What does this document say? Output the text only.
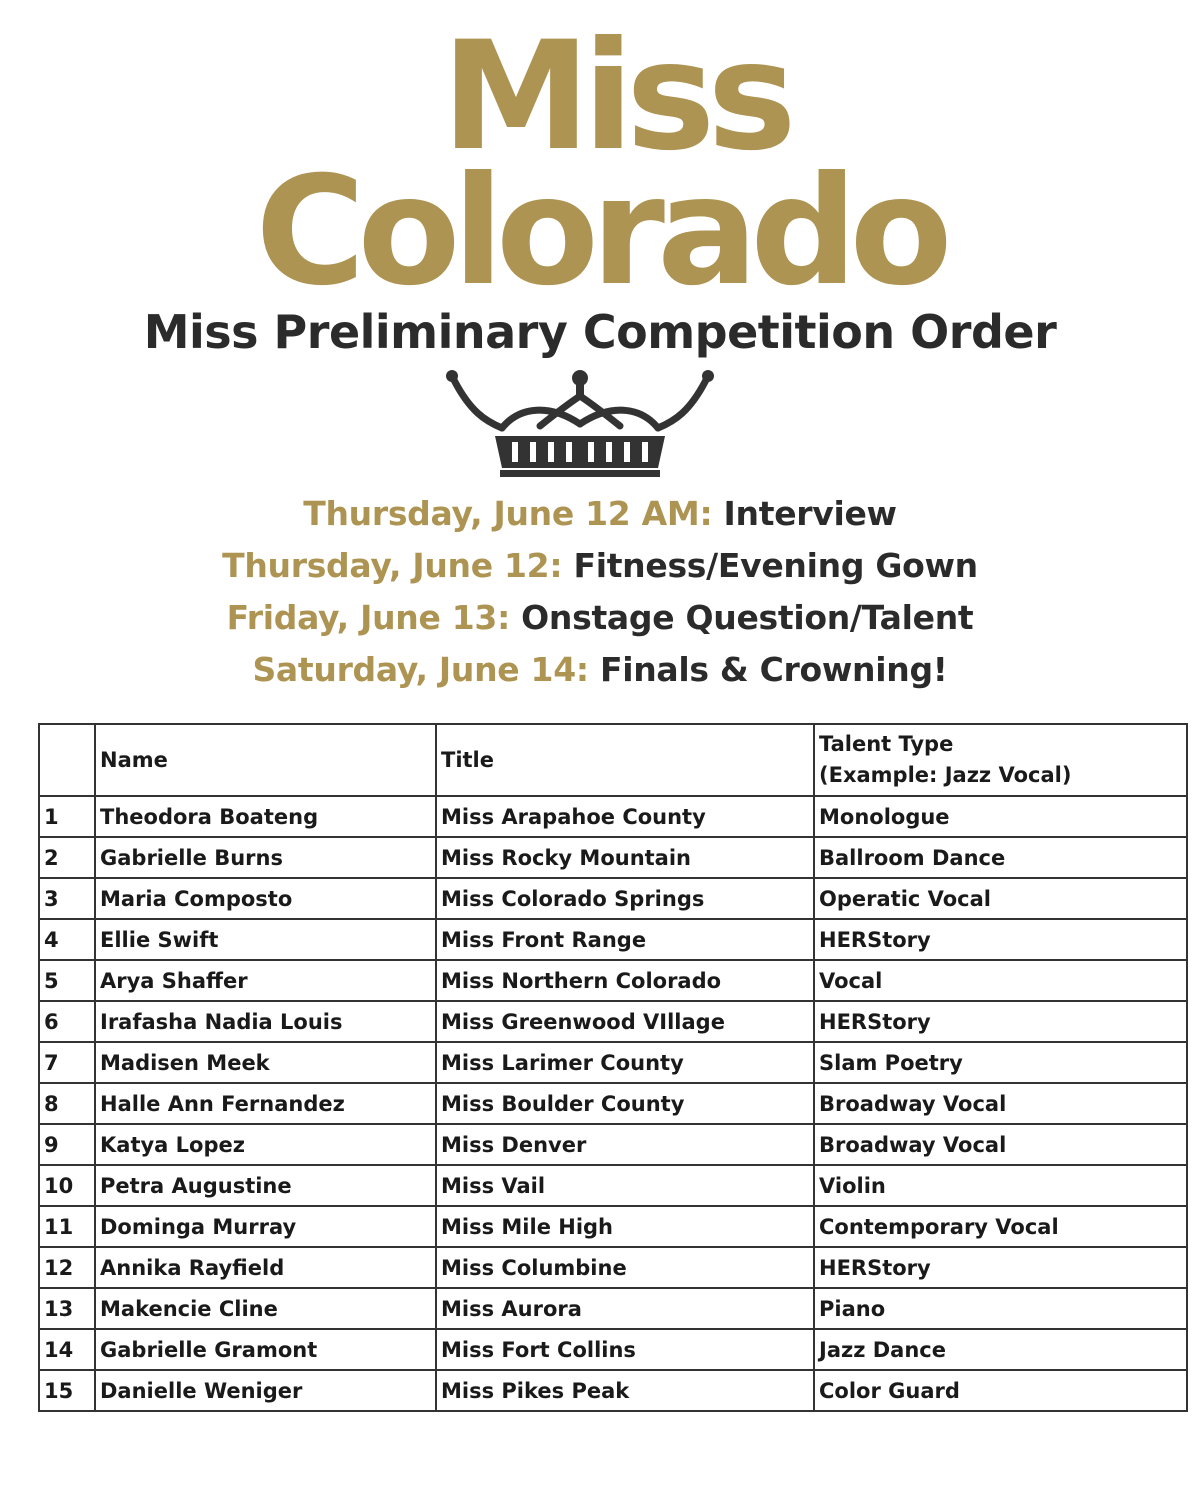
Miss
Colorado
Miss Preliminary Competition Order
Thursday, June 12 AM: Interview
Thursday, June 12: Fitness/Evening Gown
Friday, June 13: Onstage Question/Talent
Saturday, June 14: Finals & Crowning!
	Name	Title	Talent Type
(Example: Jazz Vocal)

1	Theodora Boateng	Miss Arapahoe County	Monologue
2	Gabrielle Burns	Miss Rocky Mountain	Ballroom Dance
3	Maria Composto	Miss Colorado Springs	Operatic Vocal
4	Ellie Swift	Miss Front Range	HERStory
5	Arya Shaffer	Miss Northern Colorado	Vocal
6	Irafasha Nadia Louis	Miss Greenwood VIllage	HERStory
7	Madisen Meek	Miss Larimer County	Slam Poetry
8	Halle Ann Fernandez	Miss Boulder County	Broadway Vocal
9	Katya Lopez	Miss Denver	Broadway Vocal
10	Petra Augustine	Miss Vail	Violin
11	Dominga Murray	Miss Mile High	Contemporary Vocal
12	Annika Rayfield	Miss Columbine	HERStory
13	Makencie Cline	Miss Aurora	Piano
14	Gabrielle Gramont	Miss Fort Collins	Jazz Dance
15	Danielle Weniger	Miss Pikes Peak	Color Guard
